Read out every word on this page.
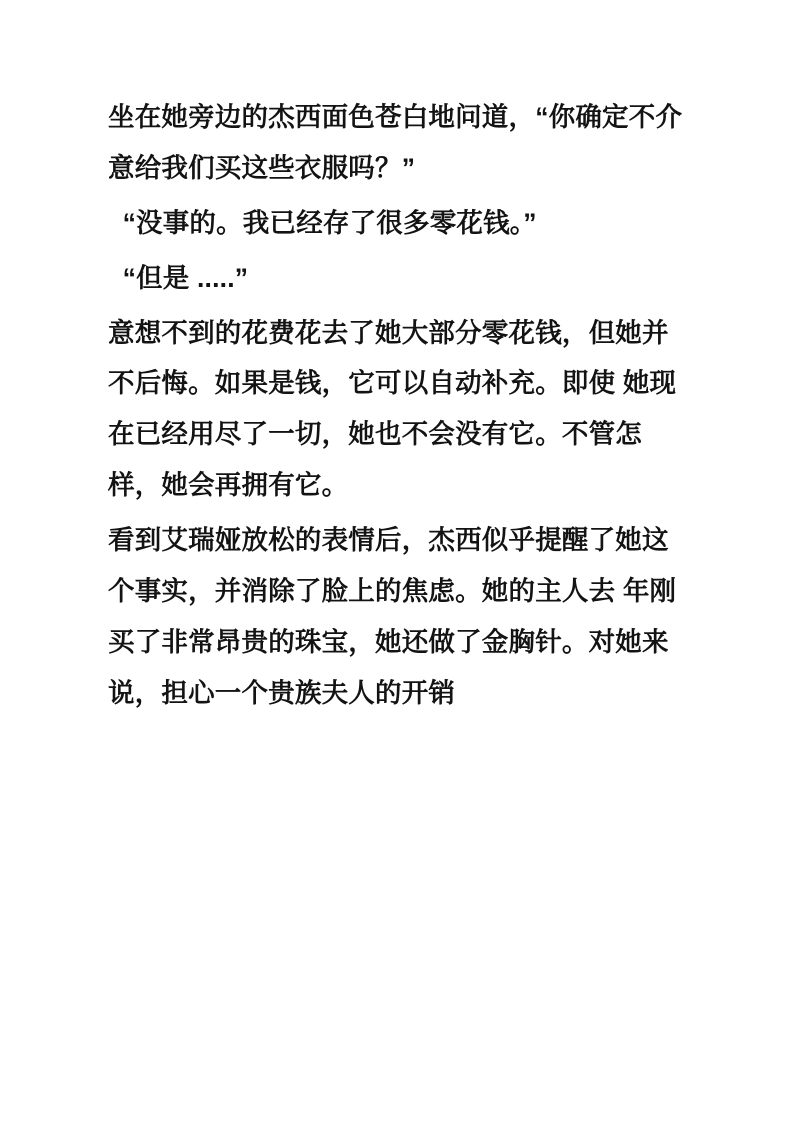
坐在她旁边的杰西面色苍白地问道，“你确定不介意给我们买这些衣服吗？”

“没事的。我已经存了很多零花钱。”

“但是 .....”

意想不到的花费花去了她大部分零花钱，但她并不后悔。如果是钱，它可以自动补充。即使 她现在已经用尽了一切，她也不会没有它。不管怎样，她会再拥有它。

看到艾瑞娅放松的表情后，杰西似乎提醒了她这个事实，并消除了脸上的焦虑。她的主人去 年刚买了非常昂贵的珠宝，她还做了金胸针。对她来说，担心一个贵族夫人的开销
